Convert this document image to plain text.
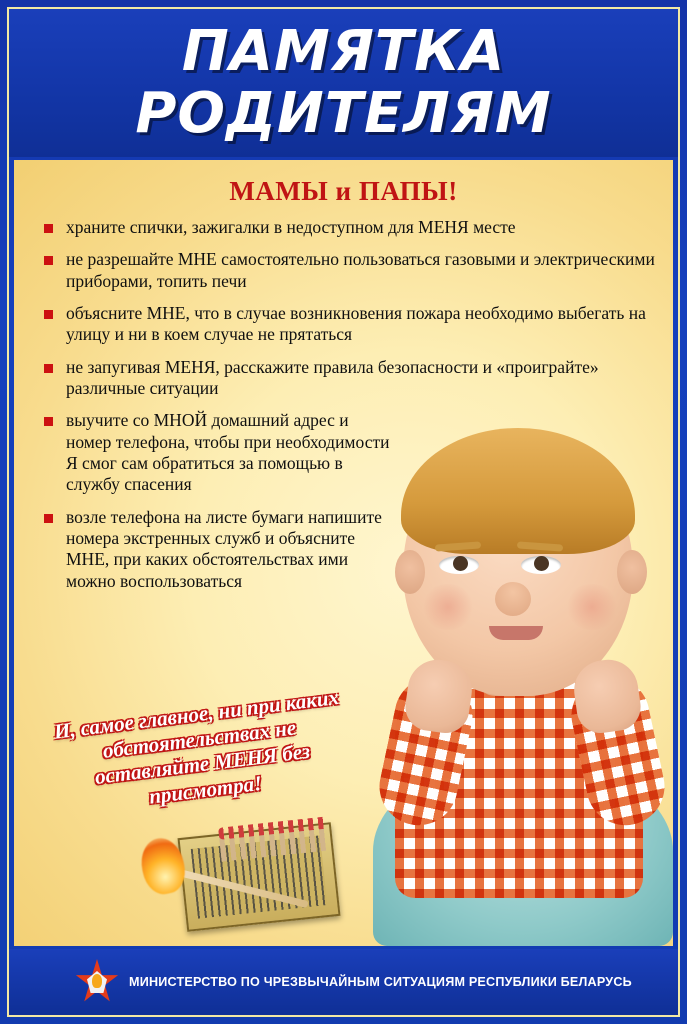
ПАМЯТКА
РОДИТЕЛЯМ
МАМЫ и ПАПЫ!
храните спички, зажигалки в недоступном для МЕНЯ месте
не разрешайте МНЕ самостоятельно пользоваться газовыми и электрическими приборами, топить печи
объясните МНЕ, что в случае возникновения пожара необходимо выбегать на улицу и ни в коем случае не прятаться
не запугивая МЕНЯ, расскажите правила безопасности и «проиграйте» различные ситуации
выучите со МНОЙ домашний адрес и номер телефона, чтобы при необходимости Я смог сам обратиться за помощью в службу спасения
возле телефона на листе бумаги напишите номера экстренных служб и объясните МНЕ, при каких обстоятельствах ими можно воспользоваться
И, самое главное, ни при каких обстоятельствах не оставляйте МЕНЯ без присмотра!
МИНИСТЕРСТВО ПО ЧРЕЗВЫЧАЙНЫМ СИТУАЦИЯМ РЕСПУБЛИКИ БЕЛАРУСЬ
